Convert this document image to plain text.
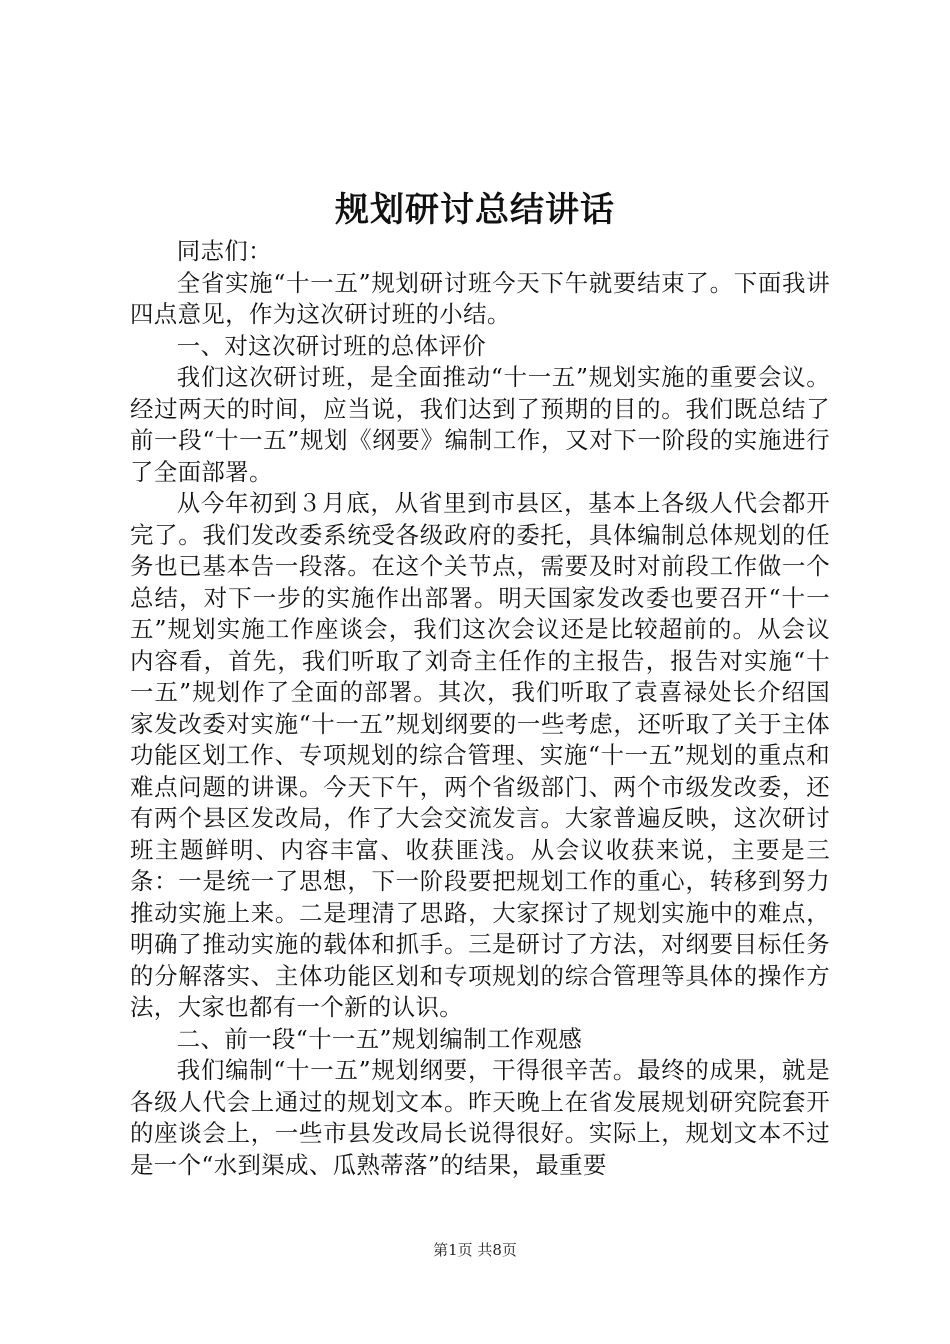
规划研讨总结讲话

同志们：

全省实施“十一五”规划研讨班今天下午就要结束了。下面我讲四点意见，作为这次研讨班的小结。

一、对这次研讨班的总体评价

我们这次研讨班，是全面推动“十一五”规划实施的重要会议。经过两天的时间，应当说，我们达到了预期的目的。我们既总结了前一段“十一五”规划《纲要》编制工作，又对下一阶段的实施进行了全面部署。

从今年初到３月底，从省里到市县区，基本上各级人代会都开完了。我们发改委系统受各级政府的委托，具体编制总体规划的任务也已基本告一段落。在这个关节点，需要及时对前段工作做一个总结，对下一步的实施作出部署。明天国家发改委也要召开“十一五”规划实施工作座谈会，我们这次会议还是比较超前的。从会议内容看，首先，我们听取了刘奇主任作的主报告，报告对实施“十一五”规划作了全面的部署。其次，我们听取了袁喜禄处长介绍国家发改委对实施“十一五”规划纲要的一些考虑，还听取了关于主体功能区划工作、专项规划的综合管理、实施“十一五”规划的重点和难点问题的讲课。今天下午，两个省级部门、两个市级发改委，还有两个县区发改局，作了大会交流发言。大家普遍反映，这次研讨班主题鲜明、内容丰富、收获匪浅。从会议收获来说，主要是三条：一是统一了思想，下一阶段要把规划工作的重心，转移到努力推动实施上来。二是理清了思路，大家探讨了规划实施中的难点，明确了推动实施的载体和抓手。三是研讨了方法，对纲要目标任务的分解落实、主体功能区划和专项规划的综合管理等具体的操作方法，大家也都有一个新的认识。

二、前一段“十一五”规划编制工作观感

我们编制“十一五”规划纲要，干得很辛苦。最终的成果，就是各级人代会上通过的规划文本。昨天晚上在省发展规划研究院套开的座谈会上，一些市县发改局长说得很好。实际上，规划文本不过是一个“水到渠成、瓜熟蒂落”的结果，最重要

第1页 共8页
